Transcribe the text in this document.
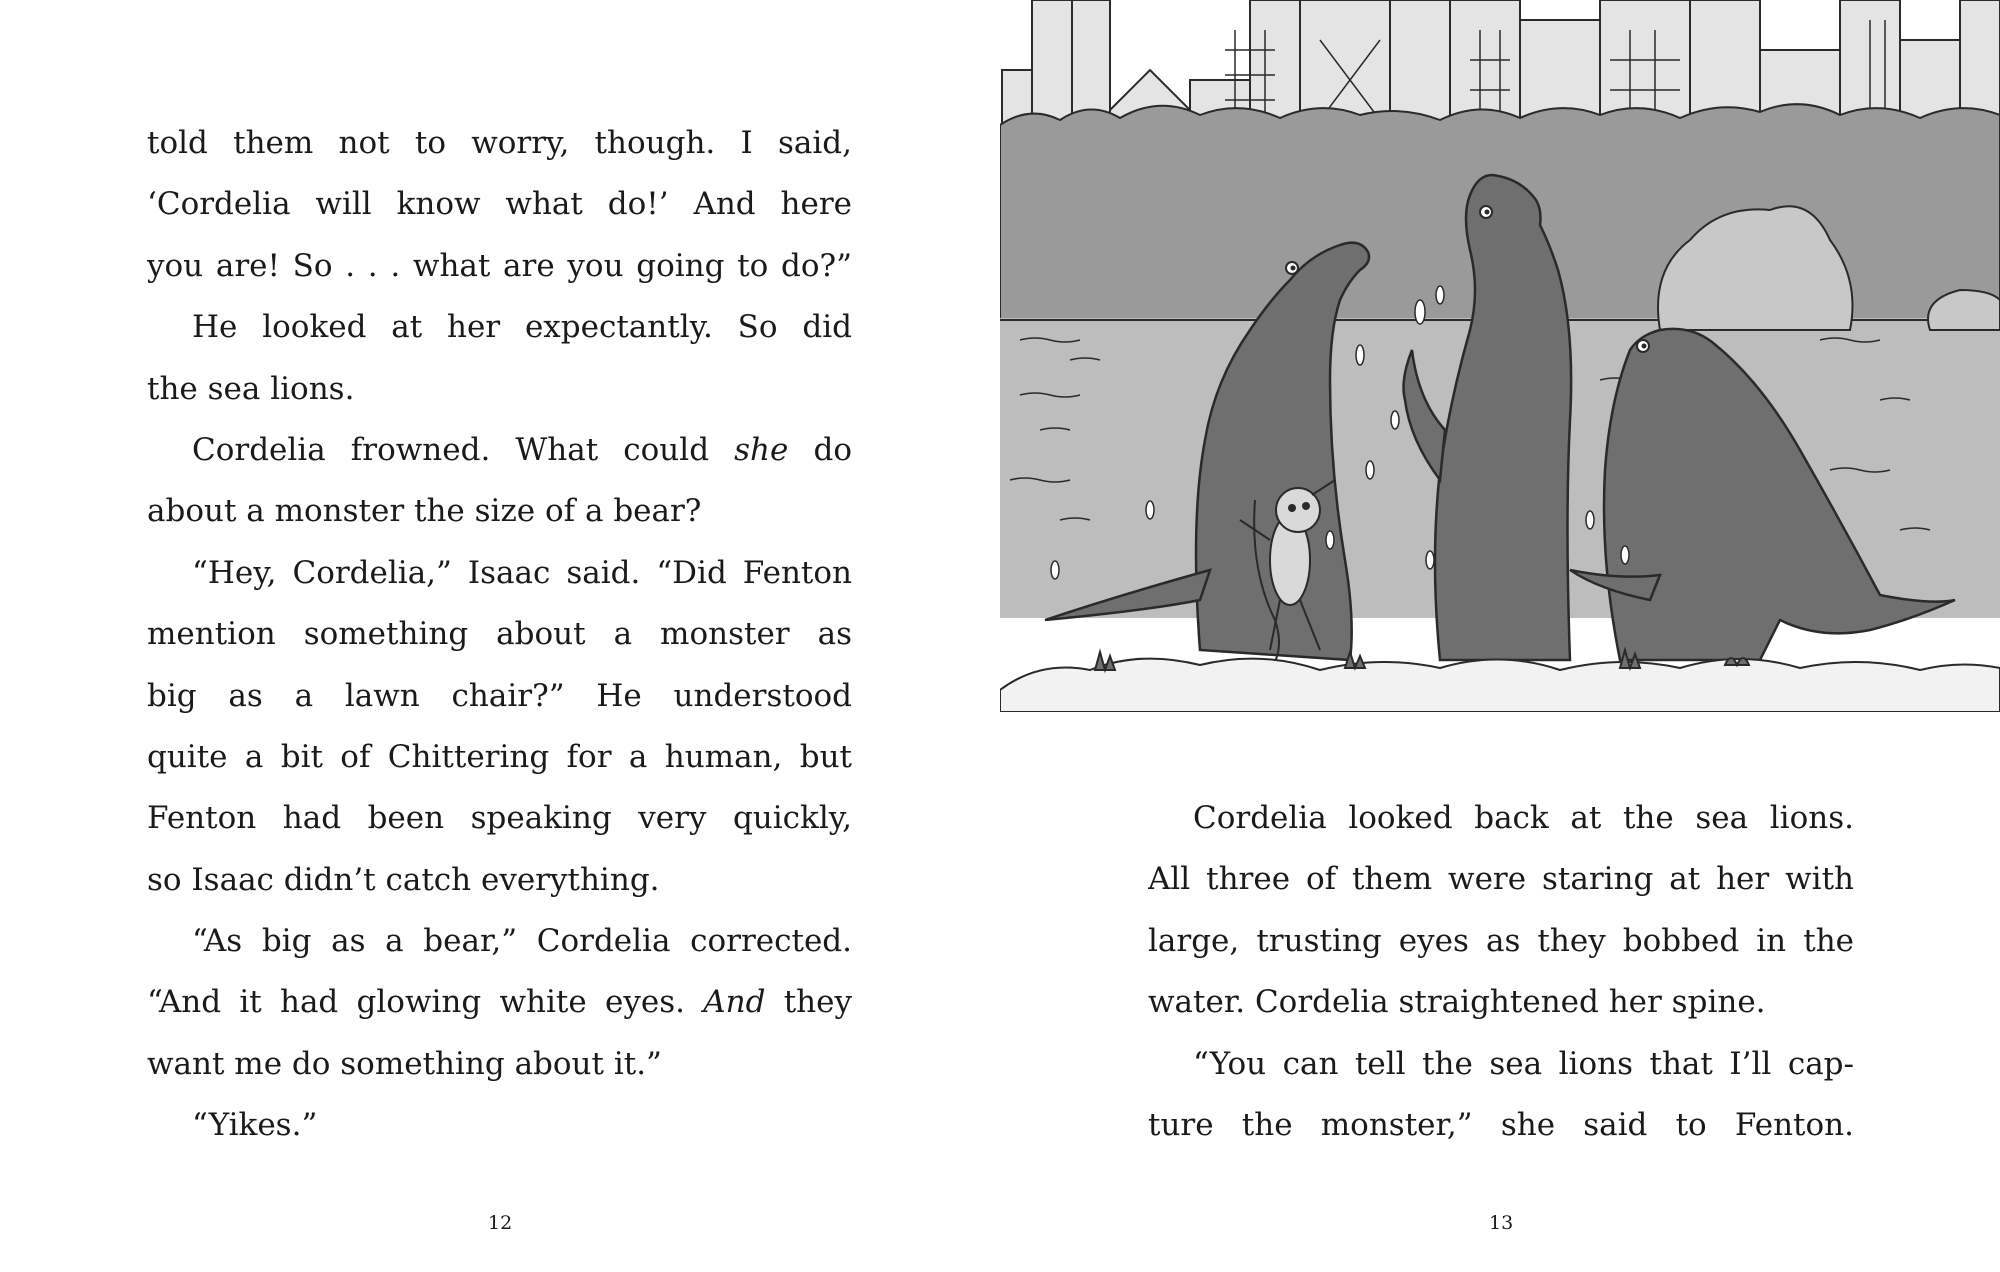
told them not to worry, though. I said,
‘Cordelia will know what do!’ And here
you are! So . . . what are you going to do?”
He looked at her expectantly. So did
the sea lions.
Cordelia frowned. What could she do
about a monster the size of a bear?
“Hey, Cordelia,” Isaac said. “Did Fenton
mention something about a monster as
big as a lawn chair?” He understood
quite a bit of Chittering for a human, but
Fenton had been speaking very quickly,
so Isaac didn’t catch everything.
“As big as a bear,” Cordelia corrected.
“And it had glowing white eyes. And they
want me do something about it.”
“Yikes.”
12
Cordelia looked back at the sea lions.
All three of them were staring at her with
large, trusting eyes as they bobbed in the
water. Cordelia straightened her spine.
“You can tell the sea lions that I’ll cap-
ture the monster,” she said to Fenton.
13
